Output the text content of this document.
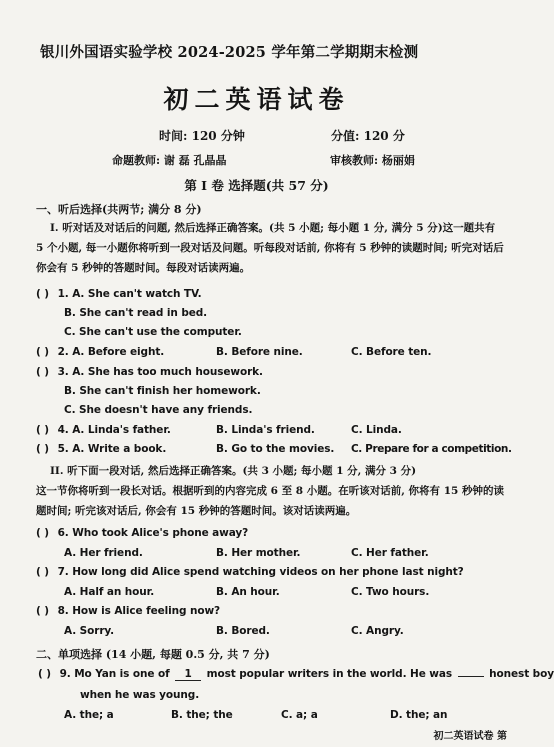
银川外国语实验学校 2024-2025 学年第二学期期末检测
初二英语试卷
时间: 120 分钟	分值: 120 分
命题教师: 谢 磊 孔晶晶	审核教师: 杨丽娟
第 I 卷 选择题(共 57 分)
一、听后选择(共两节; 满分 8 分)
I. 听对话及对话后的问题, 然后选择正确答案。(共 5 小题; 每小题 1 分, 满分 5 分)这一题共有 5 个小题, 每一小题你将听到一段对话及问题。听每段对话前, 你将有 5 秒钟的读题时间; 听完对话后你会有 5 秒钟的答题时间。每段对话读两遍。
( ) 1. A. She can't watch TV.
B. She can't read in bed.
C. She can't use the computer.
( ) 2. A. Before eight.	B. Before nine.	C. Before ten.
( ) 3. A. She has too much housework.
B. She can't finish her homework.
C. She doesn't have any friends.
( ) 4. A. Linda's father.	B. Linda's friend.	C. Linda.
( ) 5. A. Write a book.	B. Go to the movies. C. Prepare for a competition.
II. 听下面一段对话, 然后选择正确答案。(共 3 小题; 每小题 1 分, 满分 3 分)
这一节你将听到一段长对话。根据听到的内容完成 6 至 8 小题。在听该对话前, 你将有 15 秒钟的读题时间; 听完该对话后, 你会有 15 秒钟的答题时间。该对话读两遍。
( ) 6. Who took Alice's phone away?
A. Her friend.	B. Her mother.	C. Her father.
( ) 7. How long did Alice spend watching videos on her phone last night?
A. Half an hour.	B. An hour.	C. Two hours.
( ) 8. How is Alice feeling now?
A. Sorry.	B. Bored.	C. Angry.
二、单项选择 (14 小题, 每题 0.5 分, 共 7 分)
( ) 9. Mo Yan is one of 1 most popular writers in the world. He was	honest boy
when he was young.
A. the; a	B. the; the	C. a; a	D. the; an
初二英语试卷 第
